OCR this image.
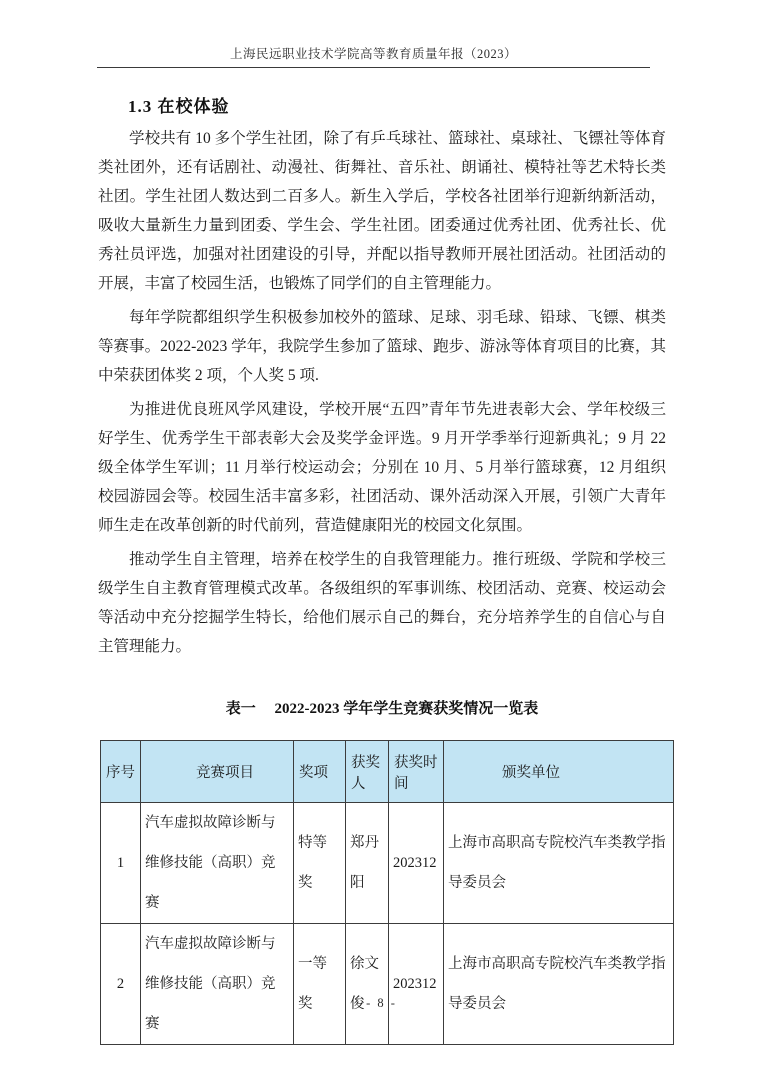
上海民远职业技术学院高等教育质量年报（2023）
1.3 在校体验

学校共有 10 多个学生社团，除了有乒乓球社、篮球社、桌球社、飞镖社等体育类社团外，还有话剧社、动漫社、街舞社、音乐社、朗诵社、模特社等艺术特长类社团。学生社团人数达到二百多人。新生入学后，学校各社团举行迎新纳新活动，吸收大量新生力量到团委、学生会、学生社团。团委通过优秀社团、优秀社长、优秀社员评选，加强对社团建设的引导，并配以指导教师开展社团活动。社团活动的开展，丰富了校园生活，也锻炼了同学们的自主管理能力。

每年学院都组织学生积极参加校外的篮球、足球、羽毛球、铅球、飞镖、棋类等赛事。2022-2023 学年，我院学生参加了篮球、跑步、游泳等体育项目的比赛，其中荣获团体奖 2 项，个人奖 5 项.

为推进优良班风学风建设，学校开展“五四”青年节先进表彰大会、学年校级三好学生、优秀学生干部表彰大会及奖学金评选。9 月开学季举行迎新典礼；9 月 22 级全体学生军训；11 月举行校运动会；分别在 10 月、5 月举行篮球赛，12 月组织校园游园会等。校园生活丰富多彩，社团活动、课外活动深入开展，引领广大青年师生走在改革创新的时代前列，营造健康阳光的校园文化氛围。

推动学生自主管理，培养在校学生的自我管理能力。推行班级、学院和学校三级学生自主教育管理模式改革。各级组织的军事训练、校团活动、竞赛、校运动会等活动中充分挖掘学生特长，给他们展示自己的舞台，充分培养学生的自信心与自主管理能力。

表一　 2022-2023 学年学生竞赛获奖情况一览表
序号	竞赛项目	奖项	获奖人	获奖时间	颁奖单位
1	汽车虚拟故障诊断与维修技能（高职）竞赛	特等奖	郑丹阳	202312	上海市高职高专院校汽车类教学指导委员会
2	汽车虚拟故障诊断与维修技能（高职）竞赛	一等奖	徐文俊	202312	上海市高职高专院校汽车类教学指导委员会
- 8 -
